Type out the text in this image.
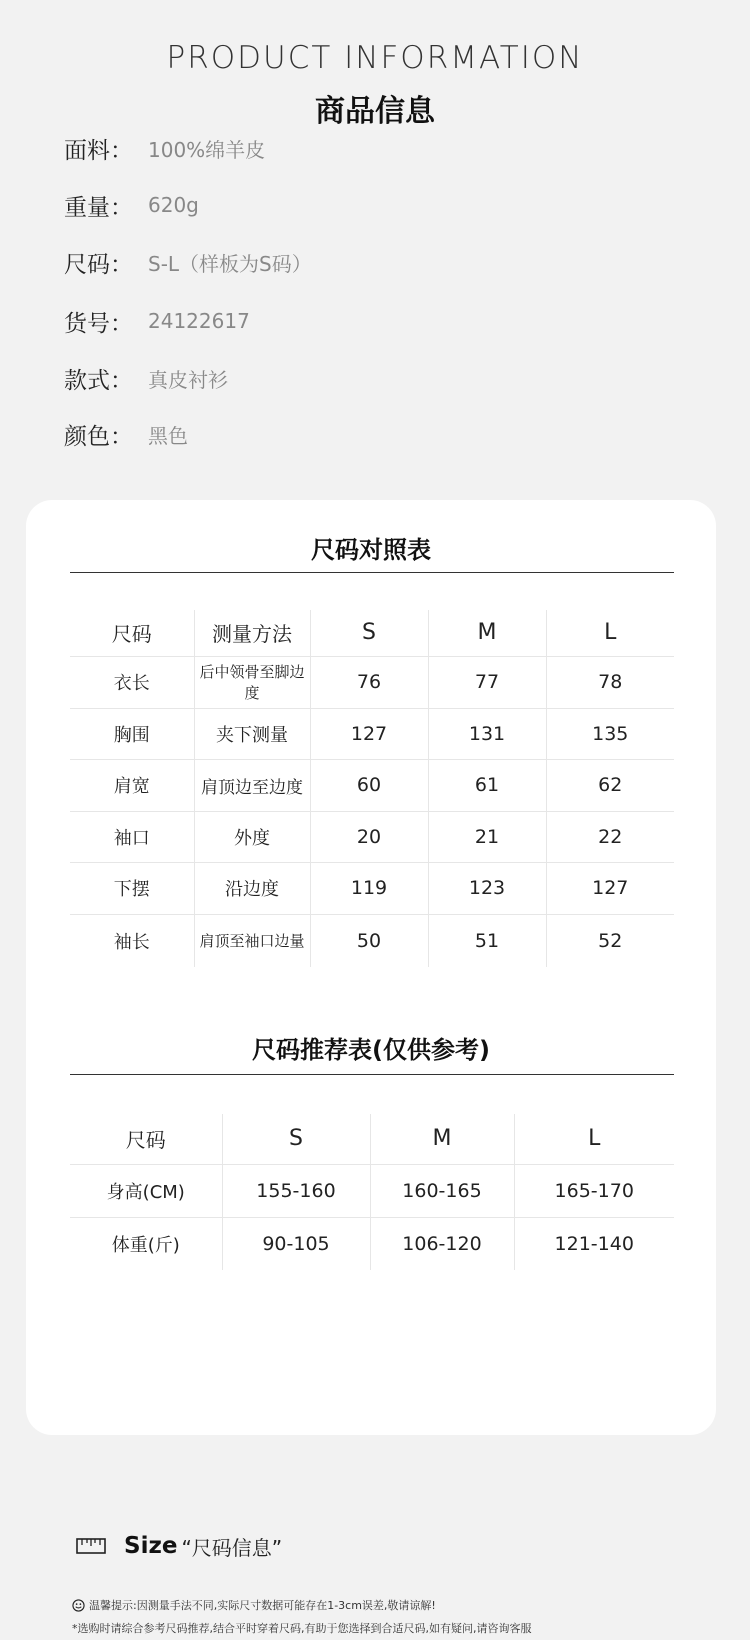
PRODUCT INFORMATION
商品信息
面料： 100%绵羊皮
重量： 620g
尺码： S-L（样板为S码）
货号： 24122617
款式： 真皮衬衫
颜色： 黑色
尺码对照表
尺码	测量方法	S	M	L
衣长	后中领骨至脚边度	76	77	78
胸围	夹下测量	127	131	135
肩宽	肩顶边至边度	60	61	62
袖口	外度	20	21	22
下摆	沿边度	119	123	127
袖长	肩顶至袖口边量	50	51	52
尺码推荐表(仅供参考)
尺码	S	M	L
身高(CM)	155-160	160-165	165-170
体重(斤)	90-105	106-120	121-140
Size “尺码信息”
温馨提示:因测量手法不同,实际尺寸数据可能存在1-3cm误差,敬请谅解!
*选购时请综合参考尺码推荐,结合平时穿着尺码,有助于您选择到合适尺码,如有疑问,请咨询客服
